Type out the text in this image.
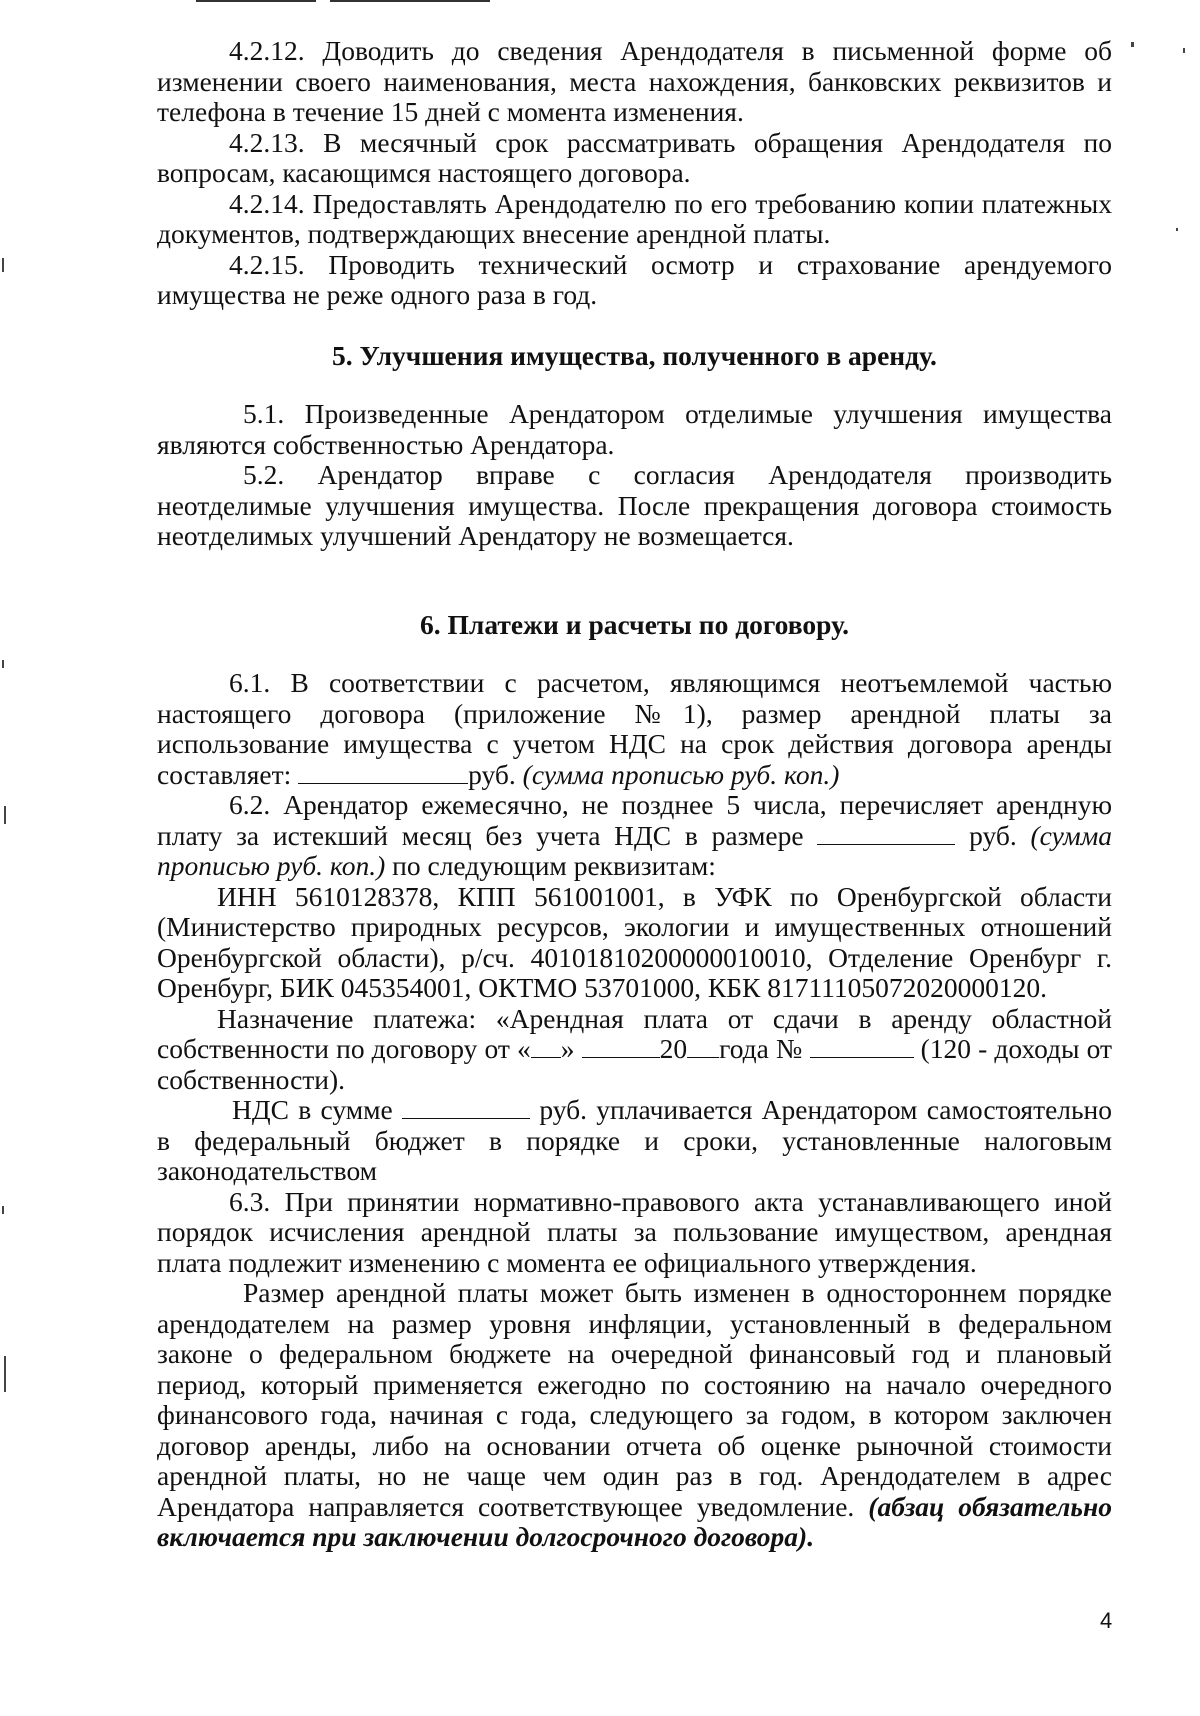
4.2.12. Доводить до сведения Арендодателя в письменной форме об изменении своего наименования, места нахождения, банковских реквизитов и телефона в течение 15 дней с момента изменения.

4.2.13. В месячный срок рассматривать обращения Арендодателя по вопросам, касающимся настоящего договора.

4.2.14. Предоставлять Арендодателю по его требованию копии платежных документов, подтверждающих внесение арендной платы.

4.2.15. Проводить технический осмотр и страхование арендуемого имущества не реже одного раза в год.

5. Улучшения имущества, полученного в аренду.

5.1. Произведенные Арендатором отделимые улучшения имущества являются собственностью Арендатора.

5.2. Арендатор вправе с согласия Арендодателя производить неотделимые улучшения имущества. После прекращения договора стоимость неотделимых улучшений Арендатору не возмещается.

6. Платежи и расчеты по договору.

6.1. В соответствии с расчетом, являющимся неотъемлемой частью настоящего договора (приложение №1), размер арендной платы за использование имущества с учетом НДС на срок действия договора аренды составляет:	руб. (сумма прописью руб. коп.)

6.2. Арендатор ежемесячно, не позднее 5 числа, перечисляет арендную плату за истекший месяц без учета НДС в размере	руб. (сумма прописью руб. коп.) по следующим реквизитам:

ИНН 5610128378, КПП 561001001, в УФК по Оренбургской области (Министерство природных ресурсов, экологии и имущественных отношений Оренбургской области), р/сч. 40101810200000010010, Отделение Оренбург г. Оренбург, БИК 045354001, ОКТМО 53701000, КБК 81711105072020000120.

Назначение платежа: «Арендная плата от сдачи в аренду областной собственности по договору от « »	20 года №	(120 - доходы от собственности).

НДС в сумме	руб. уплачивается Арендатором самостоятельно в федеральный бюджет в порядке и сроки, установленные налоговым законодательством

6.3. При принятии нормативно-правового акта устанавливающего иной порядок исчисления арендной платы за пользование имуществом, арендная плата подлежит изменению с момента ее официального утверждения.

Размер арендной платы может быть изменен в одностороннем порядке арендодателем на размер уровня инфляции, установленный в федеральном законе о федеральном бюджете на очередной финансовый год и плановый период, который применяется ежегодно по состоянию на начало очередного финансового года, начиная с года, следующего за годом, в котором заключен договор аренды, либо на основании отчета об оценке рыночной стоимости арендной платы, но не чаще чем один раз в год. Арендодателем в адрес Арендатора направляется соответствующее уведомление. (абзац обязательно включается при заключении долгосрочного договора).

4
